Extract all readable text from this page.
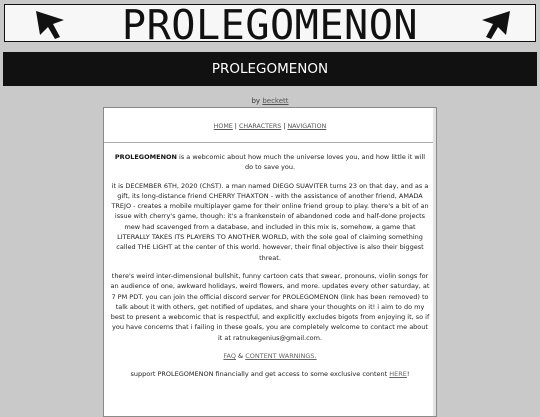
PROLEGOMENON
PROLEGOMENON
by beckett
HOME | CHARACTERS | NAVIGATION

PROLEGOMENON is a webcomic about how much the universe loves you, and how little it will do to save you.

it is DECEMBER 6TH, 2020 (ChST). a man named DIEGO SUAVITER turns 23 on that day, and as a gift, its long-distance friend CHERRY THAXTON - with the assistance of another friend, AMADA TREJO - creates a mobile multiplayer game for their online friend group to play. there's a bit of an issue with cherry's game, though: it's a frankenstein of abandoned code and half-done projects mew had scavenged from a database, and included in this mix is, somehow, a game that LITERALLY TAKES ITS PLAYERS TO ANOTHER WORLD, with the sole goal of claiming something called THE LIGHT at the center of this world. however, their final objective is also their biggest threat.

there's weird inter-dimensional bullshit, funny cartoon cats that swear, pronouns, violin songs for an audience of one, awkward holidays, weird flowers, and more. updates every other saturday, at 7 PM PDT. you can join the official discord server for PROLEGOMENON (link has been removed) to talk about it with others, get notified of updates, and share your thoughts on it! i aim to do my best to present a webcomic that is respectful, and explicitly excludes bigots from enjoying it, so if you have concerns that i failing in these goals, you are completely welcome to contact me about it at ratnukegenius@gmail.com.

FAQ & CONTENT WARNINGS.

support PROLEGOMENON financially and get access to some exclusive content HERE!
